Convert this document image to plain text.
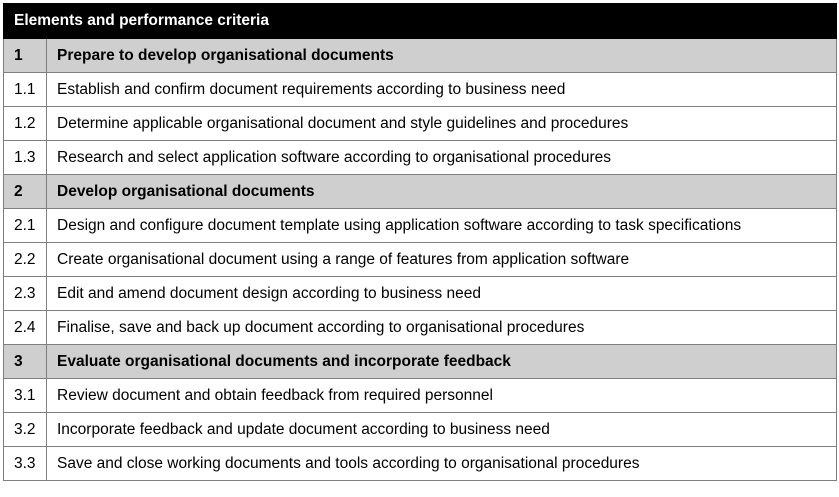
Elements and performance criteria	
1	Prepare to develop organisational documents
1.1	Establish and confirm document requirements according to business need
1.2	Determine applicable organisational document and style guidelines and procedures
1.3	Research and select application software according to organisational procedures
2	Develop organisational documents
2.1	Design and configure document template using application software according to task specifications
2.2	Create organisational document using a range of features from application software
2.3	Edit and amend document design according to business need
2.4	Finalise, save and back up document according to organisational procedures
3	Evaluate organisational documents and incorporate feedback
3.1	Review document and obtain feedback from required personnel
3.2	Incorporate feedback and update document according to business need
3.3	Save and close working documents and tools according to organisational procedures
